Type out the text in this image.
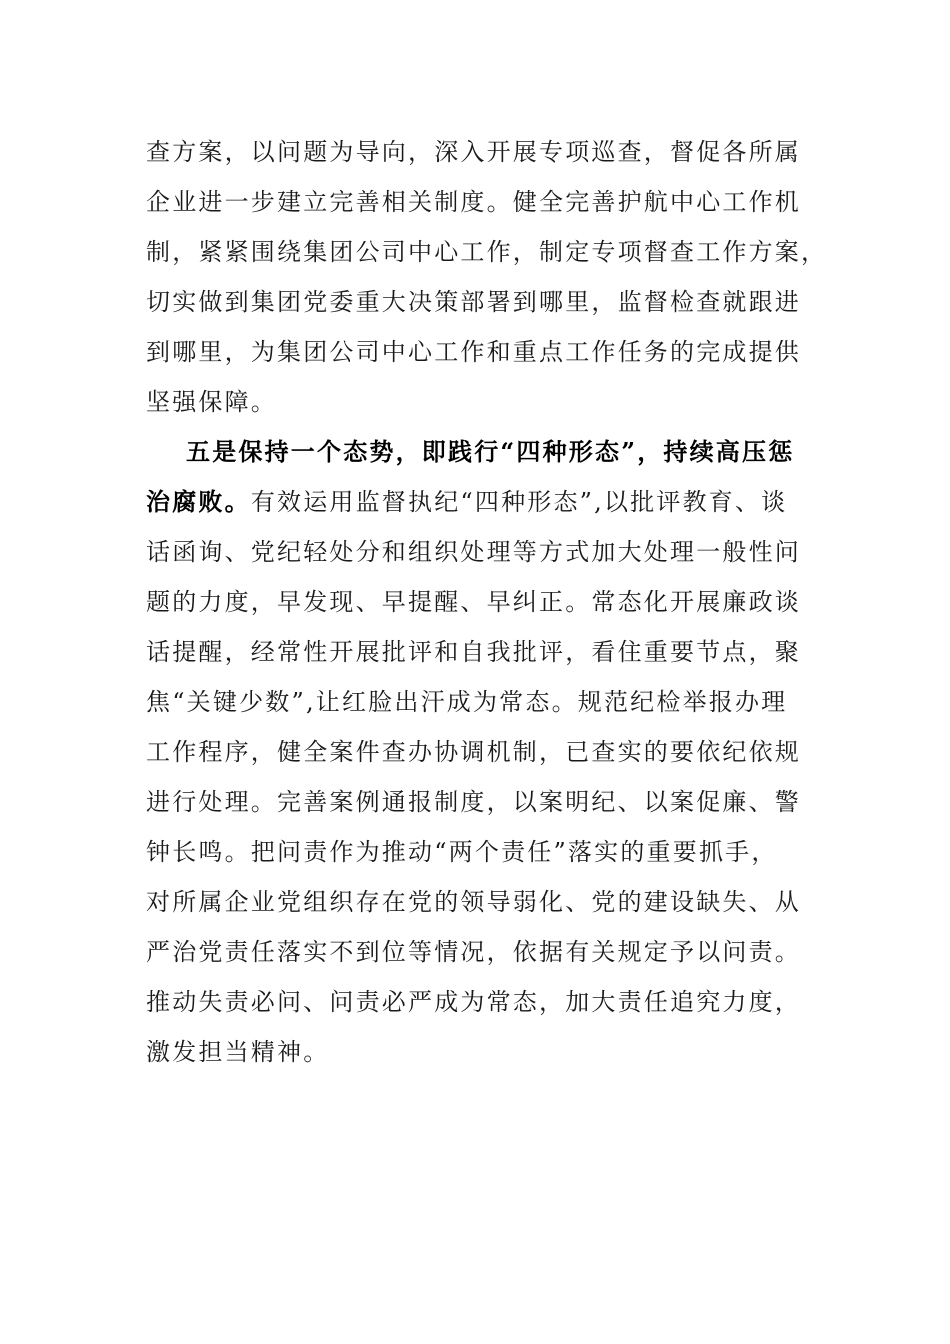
查方案，以问题为导向，深入开展专项巡查，督促各所属
企业进一步建立完善相关制度。健全完善护航中心工作机
制，紧紧围绕集团公司中心工作，制定专项督查工作方案，
切实做到集团党委重大决策部署到哪里，监督检查就跟进
到哪里，为集团公司中心工作和重点工作任务的完成提供
坚强保障。
五是保持一个态势，即践行“四种形态”，持续高压惩
治腐败。有效运用监督执纪“四种形态”,以批评教育、谈
话函询、党纪轻处分和组织处理等方式加大处理一般性问
题的力度，早发现、早提醒、早纠正。常态化开展廉政谈
话提醒，经常性开展批评和自我批评，看住重要节点，聚
焦“关键少数”,让红脸出汗成为常态。规范纪检举报办理
工作程序，健全案件查办协调机制，已查实的要依纪依规
进行处理。完善案例通报制度，以案明纪、以案促廉、警
钟长鸣。把问责作为推动“两个责任”落实的重要抓手，
对所属企业党组织存在党的领导弱化、党的建设缺失、从
严治党责任落实不到位等情况，依据有关规定予以问责。
推动失责必问、问责必严成为常态，加大责任追究力度，
激发担当精神。
